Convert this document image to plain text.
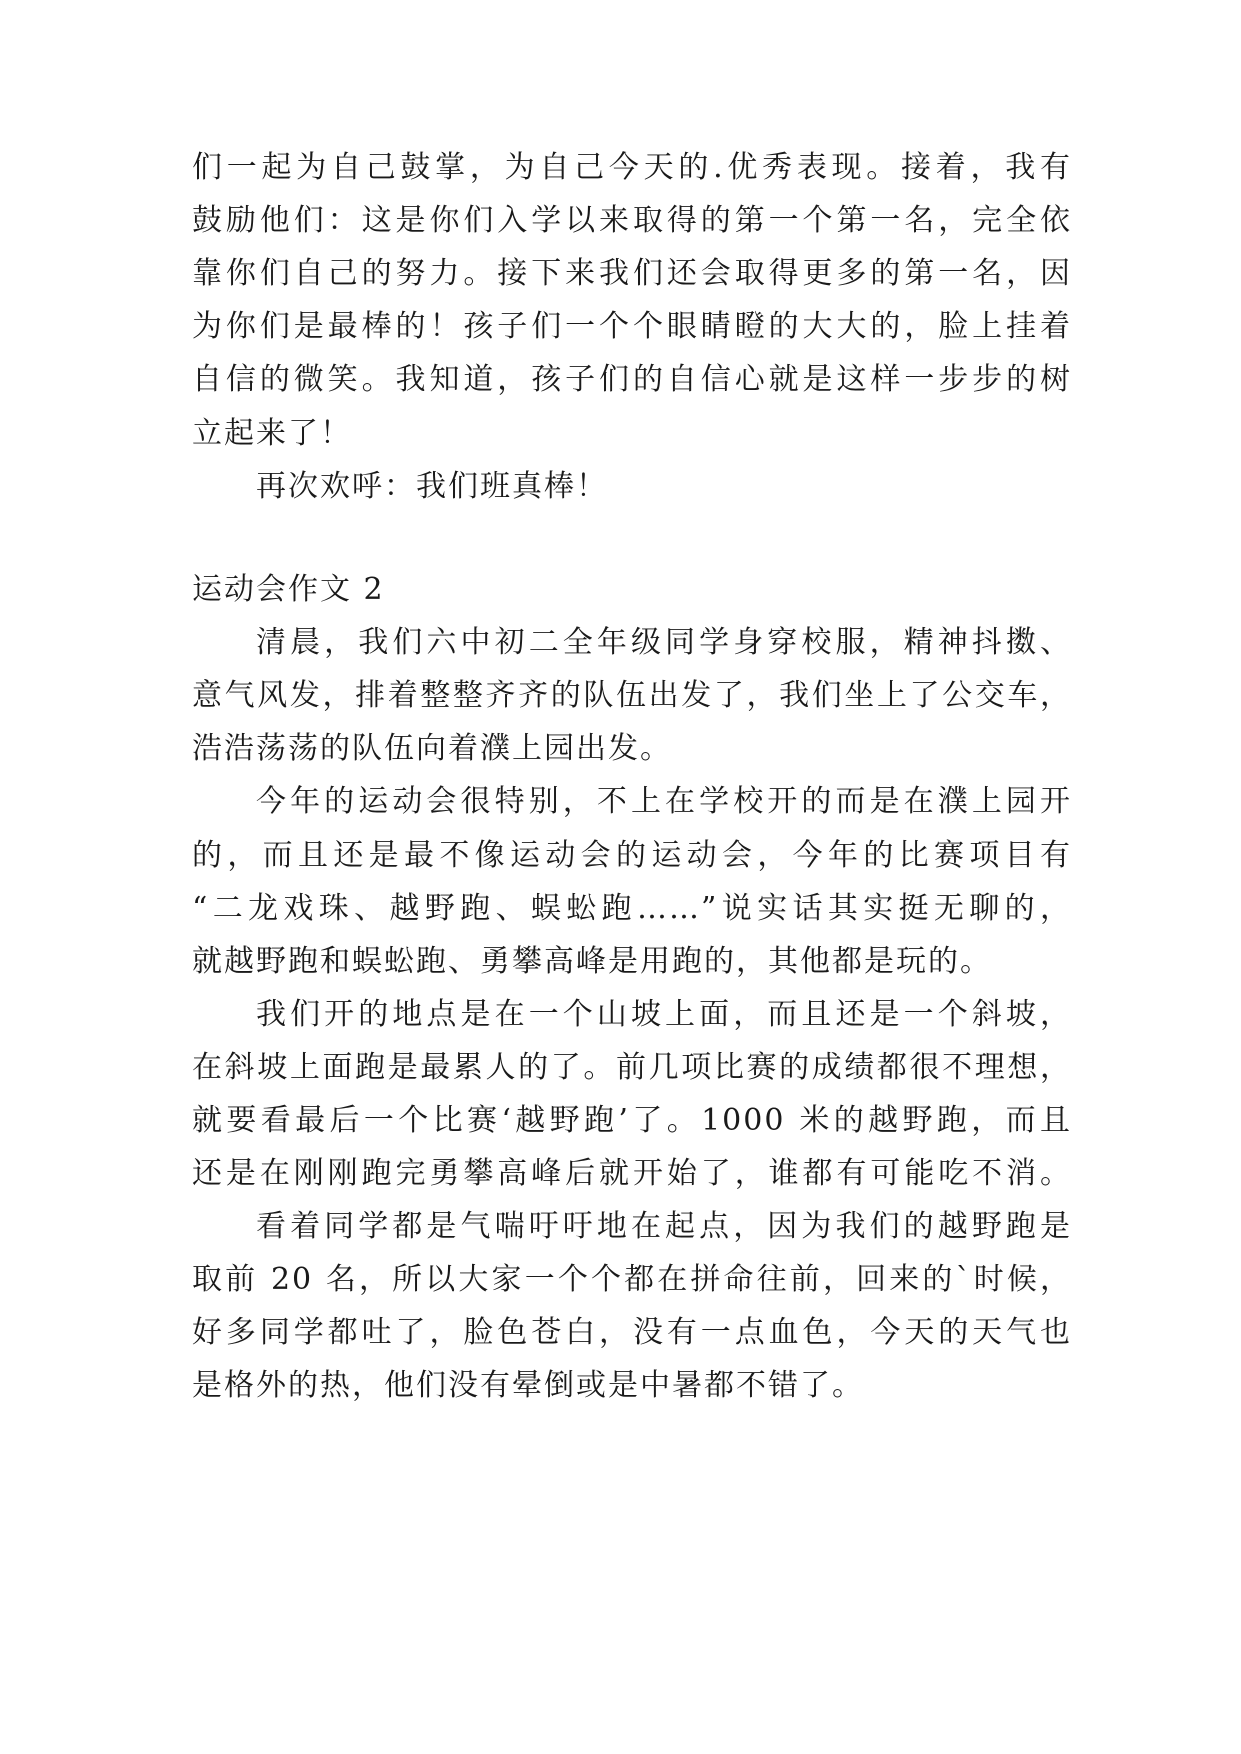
们一起为自己鼓掌，为自己今天的.优秀表现。接着，我有
鼓励他们：这是你们入学以来取得的第一个第一名，完全依
靠你们自己的努力。接下来我们还会取得更多的第一名，因
为你们是最棒的！孩子们一个个眼睛瞪的大大的，脸上挂着
自信的微笑。我知道，孩子们的自信心就是这样一步步的树
立起来了！
再次欢呼：我们班真棒！
运动会作文 2
清晨，我们六中初二全年级同学身穿校服，精神抖擞、
意气风发，排着整整齐齐的队伍出发了，我们坐上了公交车，
浩浩荡荡的队伍向着濮上园出发。
今年的运动会很特别，不上在学校开的而是在濮上园开
的，而且还是最不像运动会的运动会，今年的比赛项目有
“二龙戏珠、越野跑、蜈蚣跑……”说实话其实挺无聊的，
就越野跑和蜈蚣跑、勇攀高峰是用跑的，其他都是玩的。
我们开的地点是在一个山坡上面，而且还是一个斜坡，
在斜坡上面跑是最累人的了。前几项比赛的成绩都很不理想，
就要看最后一个比赛‘越野跑’了。1000 米的越野跑，而且
还是在刚刚跑完勇攀高峰后就开始了，谁都有可能吃不消。
看着同学都是气喘吁吁地在起点，因为我们的越野跑是
取前 20 名，所以大家一个个都在拼命往前，回来的`时候，
好多同学都吐了，脸色苍白，没有一点血色，今天的天气也
是格外的热，他们没有晕倒或是中暑都不错了。
